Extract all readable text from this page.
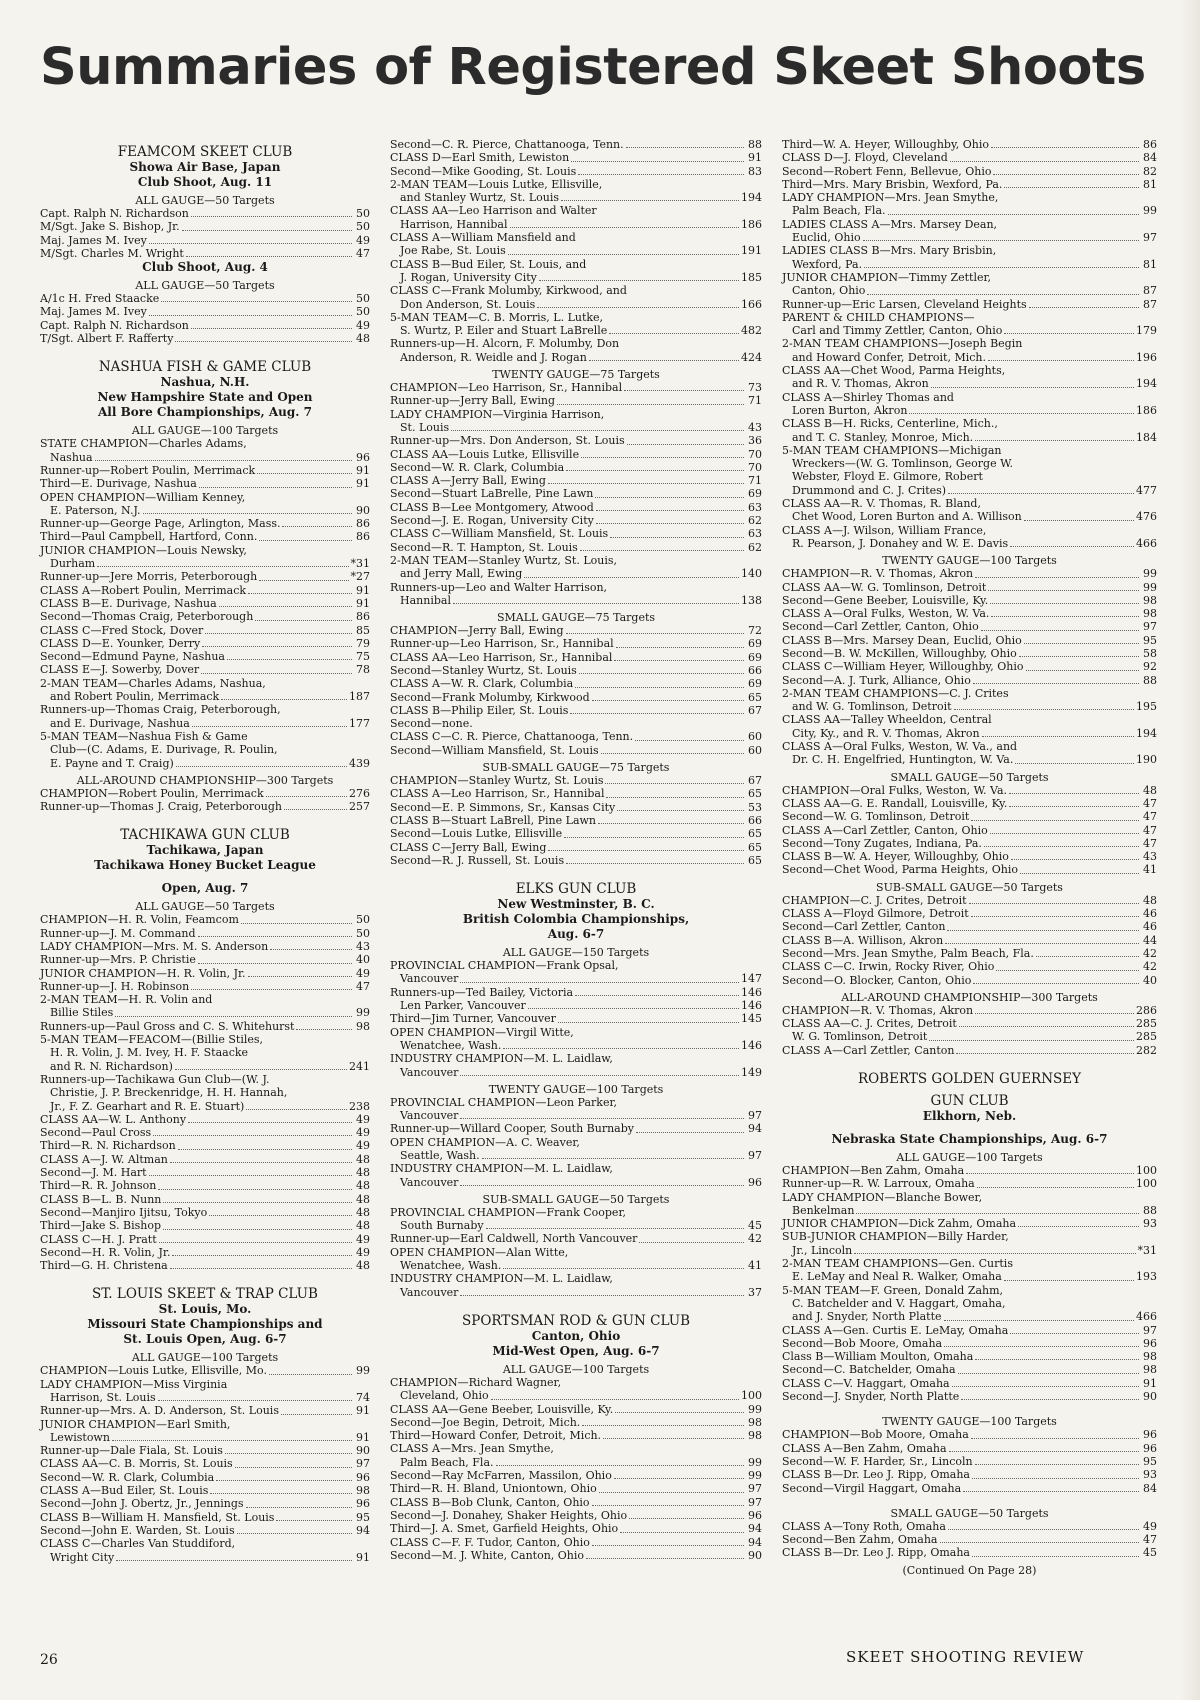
Summaries of Registered Skeet Shoots
FEAMCOM SKEET CLUB
Showa Air Base, Japan
Club Shoot, Aug. 11
ALL GAUGE—50 Targets
Capt. Ralph N. Richardson	50
M/Sgt. Jake S. Bishop, Jr.	50
Maj. James M. Ivey	49
M/Sgt. Charles M. Wright	47
Club Shoot, Aug. 4
ALL GAUGE—50 Targets
A/1c H. Fred Staacke	50
Maj. James M. Ivey	50
Capt. Ralph N. Richardson	49
T/Sgt. Albert F. Rafferty	48
NASHUA FISH & GAME CLUB
Nashua, N.H.
New Hampshire State and Open
All Bore Championships, Aug. 7
ALL GAUGE—100 Targets
STATE CHAMPION—Charles Adams,
Nashua	96
Runner-up—Robert Poulin, Merrimack	91
Third—E. Durivage, Nashua	91
OPEN CHAMPION—William Kenney,
E. Paterson, N.J.	90
Runner-up—George Page, Arlington, Mass.	86
Third—Paul Campbell, Hartford, Conn.	86
JUNIOR CHAMPION—Louis Newsky,
Durham	*31
Runner-up—Jere Morris, Peterborough	*27
CLASS A—Robert Poulin, Merrimack	91
CLASS B—E. Durivage, Nashua	91
Second—Thomas Craig, Peterborough	86
CLASS C—Fred Stock, Dover	85
CLASS D—E. Younker, Derry	79
Second—Edmund Payne, Nashua	75
CLASS E—J. Sowerby, Dover	78
2-MAN TEAM—Charles Adams, Nashua,
and Robert Poulin, Merrimack	187
Runners-up—Thomas Craig, Peterborough,
and E. Durivage, Nashua	177
5-MAN TEAM—Nashua Fish & Game
Club—(C. Adams, E. Durivage, R. Poulin,
E. Payne and T. Craig)	439
ALL-AROUND CHAMPIONSHIP—300 Targets
CHAMPION—Robert Poulin, Merrimack	276
Runner-up—Thomas J. Craig, Peterborough	257
TACHIKAWA GUN CLUB
Tachikawa, Japan
Tachikawa Honey Bucket League
Open, Aug. 7
ALL GAUGE—50 Targets
CHAMPION—H. R. Volin, Feamcom	50
Runner-up—J. M. Command	50
LADY CHAMPION—Mrs. M. S. Anderson	43
Runner-up—Mrs. P. Christie	40
JUNIOR CHAMPION—H. R. Volin, Jr.	49
Runner-up—J. H. Robinson	47
2-MAN TEAM—H. R. Volin and
Billie Stiles	99
Runners-up—Paul Gross and C. S. Whitehurst	98
5-MAN TEAM—FEACOM—(Billie Stiles,
H. R. Volin, J. M. Ivey, H. F. Staacke
and R. N. Richardson)	241
Runners-up—Tachikawa Gun Club—(W. J.
Christie, J. P. Breckenridge, H. H. Hannah,
Jr., F. Z. Gearhart and R. E. Stuart)	238
CLASS AA—W. L. Anthony	49
Second—Paul Cross	49
Third—R. N. Richardson	49
CLASS A—J. W. Altman	48
Second—J. M. Hart	48
Third—R. R. Johnson	48
CLASS B—L. B. Nunn	48
Second—Manjiro Ijitsu, Tokyo	48
Third—Jake S. Bishop	48
CLASS C—H. J. Pratt	49
Second—H. R. Volin, Jr.	49
Third—G. H. Christena	48
ST. LOUIS SKEET & TRAP CLUB
St. Louis, Mo.
Missouri State Championships and
St. Louis Open, Aug. 6-7
ALL GAUGE—100 Targets
CHAMPION—Louis Lutke, Ellisville, Mo.	99
LADY CHAMPION—Miss Virginia
Harrison, St. Louis	74
Runner-up—Mrs. A. D. Anderson, St. Louis	91
JUNIOR CHAMPION—Earl Smith,
Lewistown	91
Runner-up—Dale Fiala, St. Louis	90
CLASS AA—C. B. Morris, St. Louis	97
Second—W. R. Clark, Columbia	96
CLASS A—Bud Eiler, St. Louis	98
Second—John J. Obertz, Jr., Jennings	96
CLASS B—William H. Mansfield, St. Louis	95
Second—John E. Warden, St. Louis	94
CLASS C—Charles Van Studdiford,
Wright City	91
Second—C. R. Pierce, Chattanooga, Tenn.	88
CLASS D—Earl Smith, Lewiston	91
Second—Mike Gooding, St. Louis	83
2-MAN TEAM—Louis Lutke, Ellisville,
and Stanley Wurtz, St. Louis	194
CLASS AA—Leo Harrison and Walter
Harrison, Hannibal	186
CLASS A—William Mansfield and
Joe Rabe, St. Louis	191
CLASS B—Bud Eiler, St. Louis, and
J. Rogan, University City	185
CLASS C—Frank Molumby, Kirkwood, and
Don Anderson, St. Louis	166
5-MAN TEAM—C. B. Morris, L. Lutke,
S. Wurtz, P. Eiler and Stuart LaBrelle	482
Runners-up—H. Alcorn, F. Molumby, Don
Anderson, R. Weidle and J. Rogan	424
TWENTY GAUGE—75 Targets
CHAMPION—Leo Harrison, Sr., Hannibal	73
Runner-up—Jerry Ball, Ewing	71
LADY CHAMPION—Virginia Harrison,
St. Louis	43
Runner-up—Mrs. Don Anderson, St. Louis	36
CLASS AA—Louis Lutke, Ellisville	70
Second—W. R. Clark, Columbia	70
CLASS A—Jerry Ball, Ewing	71
Second—Stuart LaBrelle, Pine Lawn	69
CLASS B—Lee Montgomery, Atwood	63
Second—J. E. Rogan, University City	62
CLASS C—William Mansfield, St. Louis	63
Second—R. T. Hampton, St. Louis	62
2-MAN TEAM—Stanley Wurtz, St. Louis,
and Jerry Mall, Ewing	140
Runners-up—Leo and Walter Harrison,
Hannibal	138
SMALL GAUGE—75 Targets
CHAMPION—Jerry Ball, Ewing	72
Runner-up—Leo Harrison, Sr., Hannibal	69
CLASS AA—Leo Harrison, Sr., Hannibal	69
Second—Stanley Wurtz, St. Louis	66
CLASS A—W. R. Clark, Columbia	69
Second—Frank Molumby, Kirkwood	65
CLASS B—Philip Eiler, St. Louis	67
Second—none.
CLASS C—C. R. Pierce, Chattanooga, Tenn.	60
Second—William Mansfield, St. Louis	60
SUB-SMALL GAUGE—75 Targets
CHAMPION—Stanley Wurtz, St. Louis	67
CLASS A—Leo Harrison, Sr., Hannibal	65
Second—E. P. Simmons, Sr., Kansas City	53
CLASS B—Stuart LaBrell, Pine Lawn	66
Second—Louis Lutke, Ellisville	65
CLASS C—Jerry Ball, Ewing	65
Second—R. J. Russell, St. Louis	65
ELKS GUN CLUB
New Westminster, B. C.
British Colombia Championships,
Aug. 6-7
ALL GAUGE—150 Targets
PROVINCIAL CHAMPION—Frank Opsal,
Vancouver	147
Runners-up—Ted Bailey, Victoria	146
Len Parker, Vancouver	146
Third—Jim Turner, Vancouver	145
OPEN CHAMPION—Virgil Witte,
Wenatchee, Wash.	146
INDUSTRY CHAMPION—M. L. Laidlaw,
Vancouver	149
TWENTY GAUGE—100 Targets
PROVINCIAL CHAMPION—Leon Parker,
Vancouver	97
Runner-up—Willard Cooper, South Burnaby	94
OPEN CHAMPION—A. C. Weaver,
Seattle, Wash.	97
INDUSTRY CHAMPION—M. L. Laidlaw,
Vancouver	96
SUB-SMALL GAUGE—50 Targets
PROVINCIAL CHAMPION—Frank Cooper,
South Burnaby	45
Runner-up—Earl Caldwell, North Vancouver	42
OPEN CHAMPION—Alan Witte,
Wenatchee, Wash.	41
INDUSTRY CHAMPION—M. L. Laidlaw,
Vancouver	37
SPORTSMAN ROD & GUN CLUB
Canton, Ohio
Mid-West Open, Aug. 6-7
ALL GAUGE—100 Targets
CHAMPION—Richard Wagner,
Cleveland, Ohio	100
CLASS AA—Gene Beeber, Louisville, Ky.	99
Second—Joe Begin, Detroit, Mich.	98
Third—Howard Confer, Detroit, Mich.	98
CLASS A—Mrs. Jean Smythe,
Palm Beach, Fla.	99
Second—Ray McFarren, Massilon, Ohio	99
Third—R. H. Bland, Uniontown, Ohio	97
CLASS B—Bob Clunk, Canton, Ohio	97
Second—J. Donahey, Shaker Heights, Ohio	96
Third—J. A. Smet, Garfield Heights, Ohio	94
CLASS C—F. F. Tudor, Canton, Ohio	94
Second—M. J. White, Canton, Ohio	90
Third—W. A. Heyer, Willoughby, Ohio	86
CLASS D—J. Floyd, Cleveland	84
Second—Robert Fenn, Bellevue, Ohio	82
Third—Mrs. Mary Brisbin, Wexford, Pa.	81
LADY CHAMPION—Mrs. Jean Smythe,
Palm Beach, Fla.	99
LADIES CLASS A—Mrs. Marsey Dean,
Euclid, Ohio	97
LADIES CLASS B—Mrs. Mary Brisbin,
Wexford, Pa.	81
JUNIOR CHAMPION—Timmy Zettler,
Canton, Ohio	87
Runner-up—Eric Larsen, Cleveland Heights	87
PARENT & CHILD CHAMPIONS—
Carl and Timmy Zettler, Canton, Ohio	179
2-MAN TEAM CHAMPIONS—Joseph Begin
and Howard Confer, Detroit, Mich.	196
CLASS AA—Chet Wood, Parma Heights,
and R. V. Thomas, Akron	194
CLASS A—Shirley Thomas and
Loren Burton, Akron	186
CLASS B—H. Ricks, Centerline, Mich.,
and T. C. Stanley, Monroe, Mich.	184
5-MAN TEAM CHAMPIONS—Michigan
Wreckers—(W. G. Tomlinson, George W.
Webster, Floyd E. Gilmore, Robert
Drummond and C. J. Crites)	477
CLASS AA—R. V. Thomas, R. Bland,
Chet Wood, Loren Burton and A. Willison	476
CLASS A—J. Wilson, William France,
R. Pearson, J. Donahey and W. E. Davis	466
TWENTY GAUGE—100 Targets
CHAMPION—R. V. Thomas, Akron	99
CLASS AA—W. G. Tomlinson, Detroit	99
Second—Gene Beeber, Louisville, Ky.	98
CLASS A—Oral Fulks, Weston, W. Va.	98
Second—Carl Zettler, Canton, Ohio	97
CLASS B—Mrs. Marsey Dean, Euclid, Ohio	95
Second—B. W. McKillen, Willoughby, Ohio	58
CLASS C—William Heyer, Willoughby, Ohio	92
Second—A. J. Turk, Alliance, Ohio	88
2-MAN TEAM CHAMPIONS—C. J. Crites
and W. G. Tomlinson, Detroit	195
CLASS AA—Talley Wheeldon, Central
City, Ky., and R. V. Thomas, Akron	194
CLASS A—Oral Fulks, Weston, W. Va., and
Dr. C. H. Engelfried, Huntington, W. Va.	190
SMALL GAUGE—50 Targets
CHAMPION—Oral Fulks, Weston, W. Va.	48
CLASS AA—G. E. Randall, Louisville, Ky.	47
Second—W. G. Tomlinson, Detroit	47
CLASS A—Carl Zettler, Canton, Ohio	47
Second—Tony Zugates, Indiana, Pa.	47
CLASS B—W. A. Heyer, Willoughby, Ohio	43
Second—Chet Wood, Parma Heights, Ohio	41
SUB-SMALL GAUGE—50 Targets
CHAMPION—C. J. Crites, Detroit	48
CLASS A—Floyd Gilmore, Detroit	46
Second—Carl Zettler, Canton	46
CLASS B—A. Willison, Akron	44
Second—Mrs. Jean Smythe, Palm Beach, Fla.	42
CLASS C—C. Irwin, Rocky River, Ohio	42
Second—O. Blocker, Canton, Ohio	40
ALL-AROUND CHAMPIONSHIP—300 Targets
CHAMPION—R. V. Thomas, Akron	286
CLASS AA—C. J. Crites, Detroit	285
W. G. Tomlinson, Detroit	285
CLASS A—Carl Zettler, Canton	282
ROBERTS GOLDEN GUERNSEY
GUN CLUB
Elkhorn, Neb.
Nebraska State Championships, Aug. 6-7
ALL GAUGE—100 Targets
CHAMPION—Ben Zahm, Omaha	100
Runner-up—R. W. Larroux, Omaha	100
LADY CHAMPION—Blanche Bower,
Benkelman	88
JUNIOR CHAMPION—Dick Zahm, Omaha	93
SUB-JUNIOR CHAMPION—Billy Harder,
Jr., Lincoln	*31
2-MAN TEAM CHAMPIONS—Gen. Curtis
E. LeMay and Neal R. Walker, Omaha	193
5-MAN TEAM—F. Green, Donald Zahm,
C. Batchelder and V. Haggart, Omaha,
and J. Snyder, North Platte	466
CLASS A—Gen. Curtis E. LeMay, Omaha	97
Second—Bob Moore, Omaha	96
Class B—William Moulton, Omaha	98
Second—C. Batchelder, Omaha	98
CLASS C—V. Haggart, Omaha	91
Second—J. Snyder, North Platte	90
TWENTY GAUGE—100 Targets
CHAMPION—Bob Moore, Omaha	96
CLASS A—Ben Zahm, Omaha	96
Second—W. F. Harder, Sr., Lincoln	95
CLASS B—Dr. Leo J. Ripp, Omaha	93
Second—Virgil Haggart, Omaha	84
SMALL GAUGE—50 Targets
CLASS A—Tony Roth, Omaha	49
Second—Ben Zahm, Omaha	47
CLASS B—Dr. Leo J. Ripp, Omaha	45
(Continued On Page 28)
26	SKEET SHOOTING REVIEW
